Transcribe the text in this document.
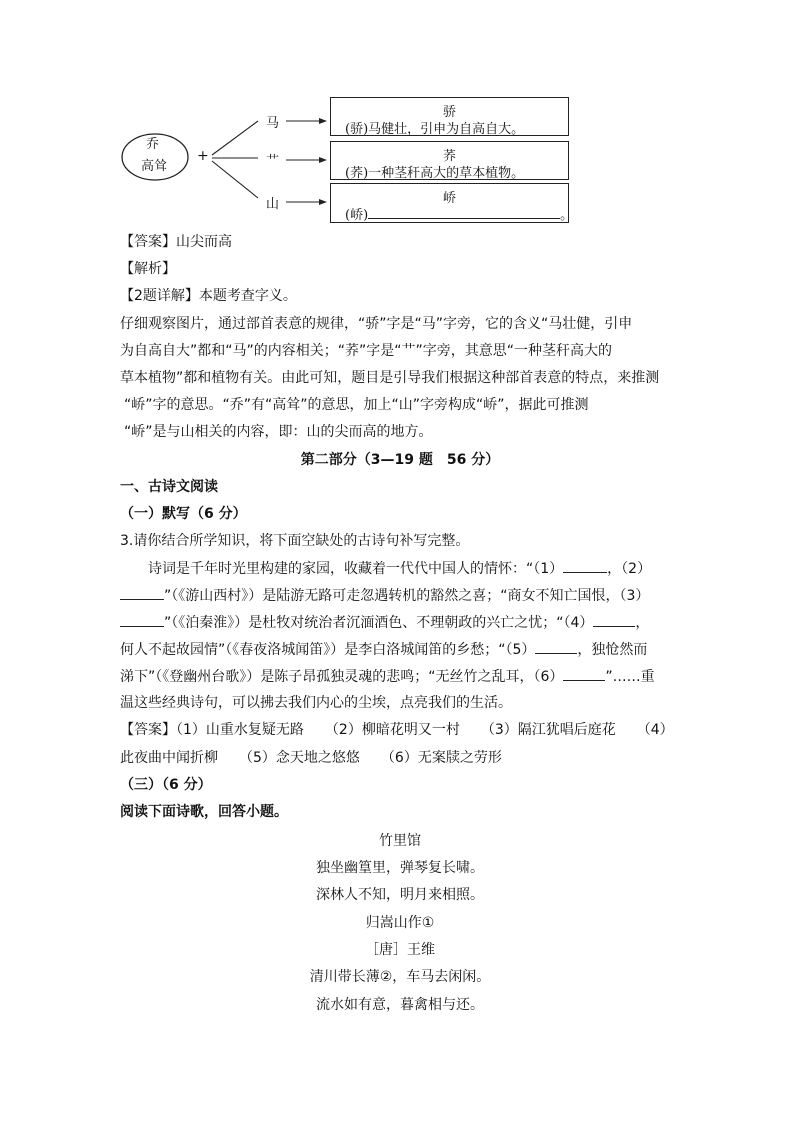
乔
高耸
+
马
艹
山
骄
(骄)马健壮，引申为自高自大。
荞
(荞)一种茎秆高大的草本植物。
峤
(峤)	。
【答案】山尖而高
【解析】
【2题详解】本题考查字义。
仔细观察图片，通过部首表意的规律，“骄”字是“马”字旁，它的含义“马壮健，引申
为自高自大”都和“马”的内容相关；“荞”字是“艹”字旁，其意思“一种茎秆高大的
草本植物”都和植物有关。由此可知，题目是引导我们根据这种部首表意的特点，来推测
“峤”字的意思。“乔”有“高耸”的意思，加上“山”字旁构成“峤”，据此可推测
“峤”是与山相关的内容，即：山的尖而高的地方。
第二部分（3—19 题　56 分）
一、古诗文阅读
（一）默写（6 分）
3.请你结合所学知识，将下面空缺处的古诗句补写完整。
诗词是千年时光里构建的家园，收藏着一代代中国人的情怀：“（1）	，（2）
”（《游山西村》）是陆游无路可走忽遇转机的豁然之喜；“商女不知亡国恨，（3）
”（《泊秦淮》）是杜牧对统治者沉湎酒色、不理朝政的兴亡之忧；“（4）	，
何人不起故园情”（《春夜洛城闻笛》）是李白洛城闻笛的乡愁；“（5）	，独怆然而
涕下”（《登幽州台歌》）是陈子昂孤独灵魂的悲鸣；“无丝竹之乱耳，（6）	”……重
温这些经典诗句，可以拂去我们内心的尘埃，点亮我们的生活。
【答案】（1）山重水复疑无路　　（2）柳暗花明又一村　　（3）隔江犹唱后庭花　　（4）
此夜曲中闻折柳　　（5）念天地之悠悠　　（6）无案牍之劳形
（三）（6 分）
阅读下面诗歌，回答小题。
竹里馆
独坐幽篁里，弹琴复长啸。
深林人不知，明月来相照。
归嵩山作①
［唐］王维
清川带长薄②，车马去闲闲。
流水如有意，暮禽相与还。
